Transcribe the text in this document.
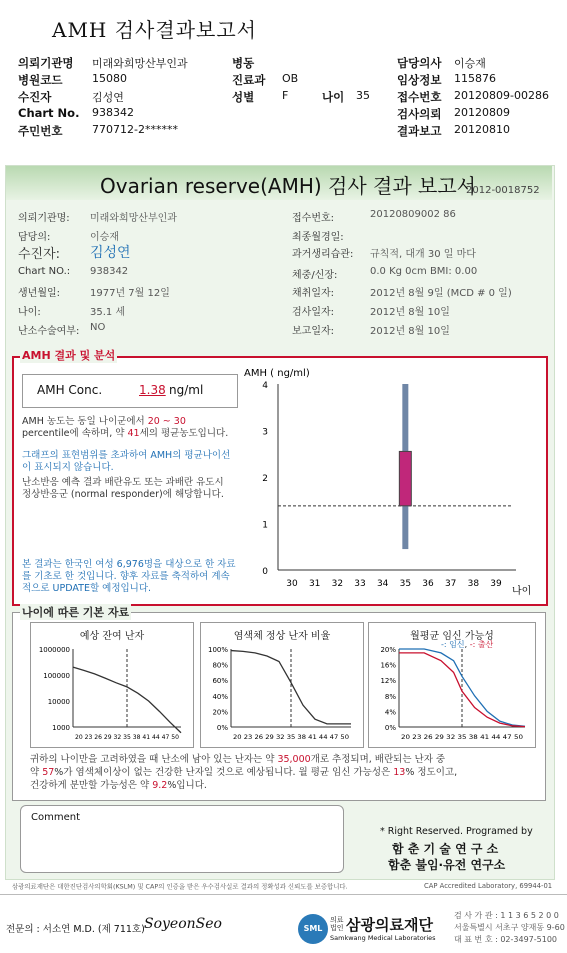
AMH 검사결과보고서
의뢰기관명 미래와희망산부인과	병동	담당의사 이승재
병원코드	15080	진료과 OB	임상정보 115876
수진자	김성연	성별	F	나이 35 접수번호 20120809-00286
Chart No. 938342	검사의뢰 20120809
주민번호	770712-2******	결과보고 20120810
Ovarian reserve(AMH) 검사 결과 보고서
2012-0018752
의뢰기관명: 미래와희망산부인과
담당의:	이승재
수진자: 김성연
Chart NO.: 938342
생년월일:	1977년 7월 12일
나이:	35.1 세
난소수술여부: NO
접수번호:	20120809002 86
최종월경일:
과거생리습관: 규칙적, 대개 30 일 마다
체중/신장:	0.0 Kg 0cm BMI: 0.00
채취일자:	2012년 8월 9일 (MCD # 0 일)
검사일자:	2012년 8월 10일
보고일자:	2012년 8월 10일
AMH 결과 및 분석
AMH Conc.	1.38 ng/ml
AMH 농도는 동일 나이군에서 20 ~ 30 percentile에 속하며, 약 41세의 평균농도입니다.
그래프의 표현범위를 초과하여 AMH의 평균나이선이 표시되지 않습니다.
난소반응 예측 결과 배란유도 또는 과배란 유도시 정상반응군 (normal responder)에 해당합니다.
본 결과는 한국인 여성 6,976명을 대상으로 한 자료를 기초로 한 것입니다. 향후 자료를 축적하여 계속적으로 UPDATE할 예정입니다.
AMH ( ng/ml)
0
1
2
3
4
30 31 32 33 34 35 36 37 38 39
나이
나이에 따른 기본 자료
예상 잔여 난자
1000000
100000
10000
1000
20 23 26 29 32 35 38 41 44 47 50
염색체 정상 난자 비율
100%
80%
60%
40%
20%
0%
20 23 26 29 32 35 38 41 44 47 50
월평균 임신 가능성
-: 임신, -: 출산
20%
16%
12%
8%
4%
0%
20 23 26 29 32 35 38 41 44 47 50
귀하의 나이만을 고려하였을 때 난소에 남아 있는 난자는 약 35,000개로 추정되며, 배란되는 난자 중
약 57%가 염색체이상이 없는 건강한 난자일 것으로 예상됩니다. 월 평균 임신 가능성은 13% 정도이고,
건강하게 분만할 가능성은 약 9.2%입니다.
Comment
* Right Reserved. Programed by
함 춘 기 술 연 구 소
함춘 불임·유전 연구소
삼광의료재단은 대한진단검사의학회(KSLM) 및 CAP의 인증을 받은 우수검사실로 결과의 정확성과 신뢰도를 보증합니다.	CAP Accredited Laboratory, 69944-01
전문의 : 서소연 M.D. (제 711호) SoyeonSeo	SML
의료법인 삼광의료재단
Samkwang Medical Laboratories
검 사 가 관 : 1 1 3 6 5 2 0 0
서울특별시 서초구 양재동 9-60
대 표 번 호 : 02-3497-5100
